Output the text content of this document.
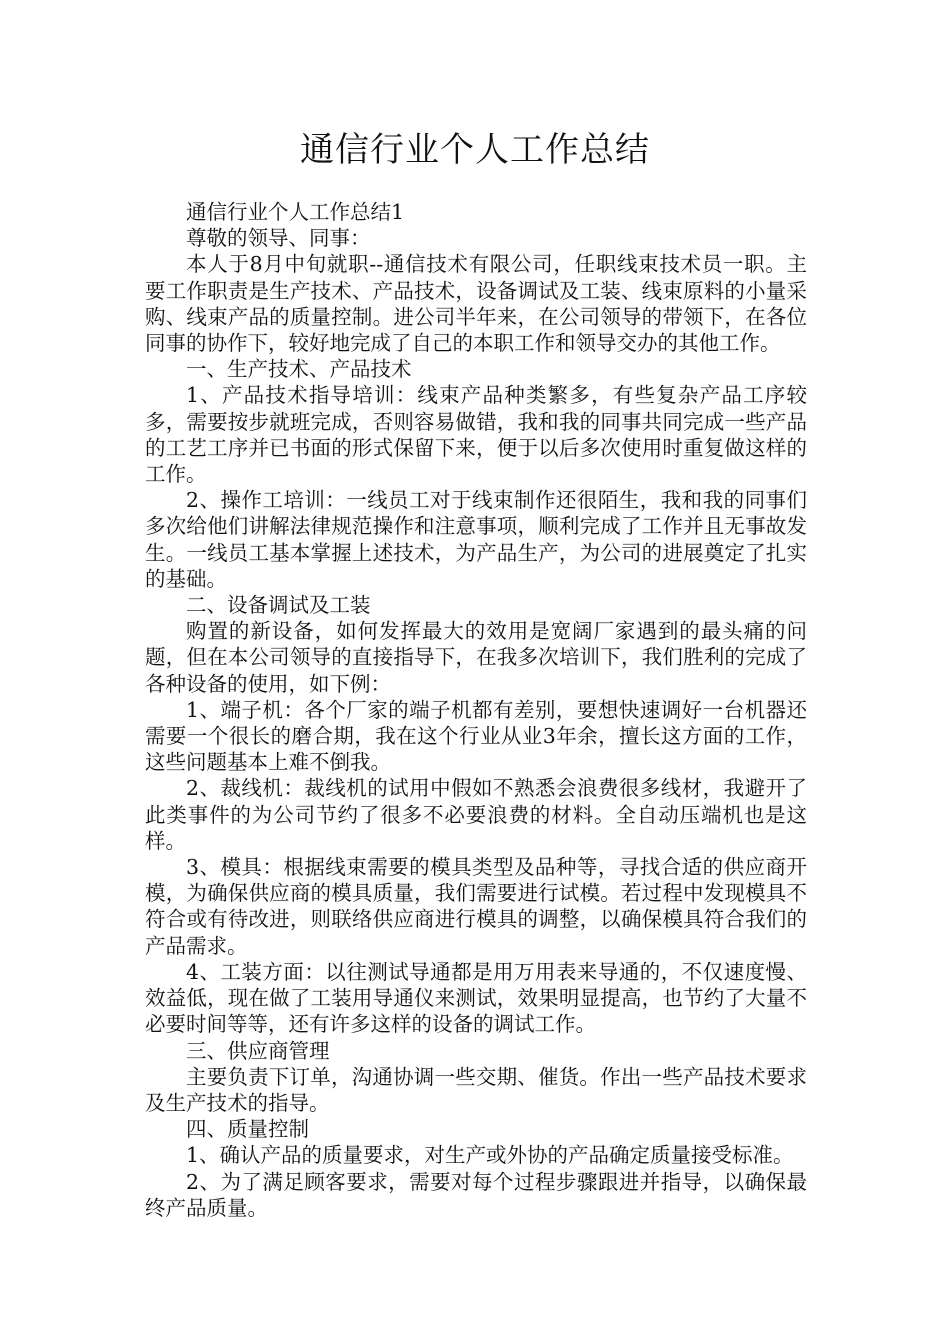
通信行业个人工作总结

通信行业个人工作总结1

尊敬的领导、同事：

本人于8月中旬就职--通信技术有限公司，任职线束技术员一职。主要工作职责是生产技术、产品技术，设备调试及工装、线束原料的小量采购、线束产品的质量控制。进公司半年来，在公司领导的带领下，在各位同事的协作下，较好地完成了自己的本职工作和领导交办的其他工作。

一、生产技术、产品技术

1、产品技术指导培训：线束产品种类繁多，有些复杂产品工序较多，需要按步就班完成，否则容易做错，我和我的同事共同完成一些产品的工艺工序并已书面的形式保留下来，便于以后多次使用时重复做这样的工作。

2、操作工培训：一线员工对于线束制作还很陌生，我和我的同事们多次给他们讲解法律规范操作和注意事项，顺利完成了工作并且无事故发生。一线员工基本掌握上述技术，为产品生产，为公司的进展奠定了扎实的基础。

二、设备调试及工装

购置的新设备，如何发挥最大的效用是宽阔厂家遇到的最头痛的问题，但在本公司领导的直接指导下，在我多次培训下，我们胜利的完成了各种设备的使用，如下例：

1、端子机：各个厂家的端子机都有差别，要想快速调好一台机器还需要一个很长的磨合期，我在这个行业从业3年余，擅长这方面的工作，这些问题基本上难不倒我。

2、裁线机：裁线机的试用中假如不熟悉会浪费很多线材，我避开了此类事件的为公司节约了很多不必要浪费的材料。全自动压端机也是这样。

3、模具：根据线束需要的模具类型及品种等，寻找合适的供应商开模，为确保供应商的模具质量，我们需要进行试模。若过程中发现模具不符合或有待改进，则联络供应商进行模具的调整，以确保模具符合我们的产品需求。

4、工装方面：以往测试导通都是用万用表来导通的，不仅速度慢、效益低，现在做了工装用导通仪来测试，效果明显提高，也节约了大量不必要时间等等，还有许多这样的设备的调试工作。

三、供应商管理

主要负责下订单，沟通协调一些交期、催货。作出一些产品技术要求及生产技术的指导。

四、质量控制

1、确认产品的质量要求，对生产或外协的产品确定质量接受标准。

2、为了满足顾客要求，需要对每个过程步骤跟进并指导，以确保最终产品质量。
